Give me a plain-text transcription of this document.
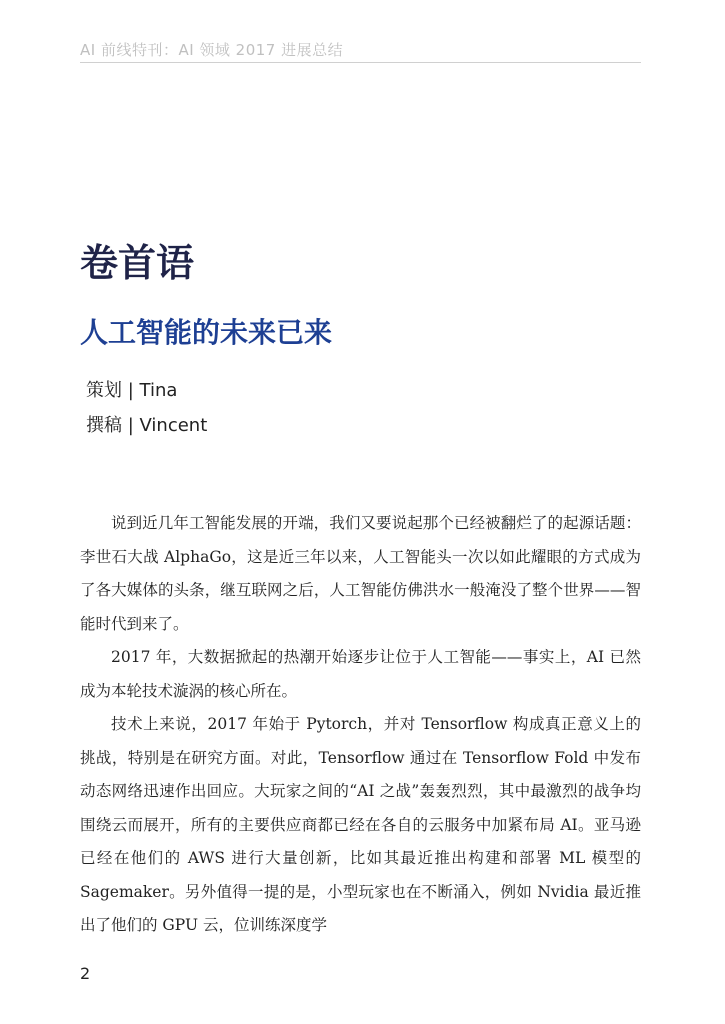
AI 前线特刊：AI 领域 2017 进展总结
卷首语
人工智能的未来已来
策划 | Tina
撰稿 | Vincent

说到近几年工智能发展的开端，我们又要说起那个已经被翻烂了的起源话题：李世石大战 AlphaGo，这是近三年以来，人工智能头一次以如此耀眼的方式成为了各大媒体的头条，继互联网之后，人工智能仿佛洪水一般淹没了整个世界——智能时代到来了。

2017 年，大数据掀起的热潮开始逐步让位于人工智能——事实上，AI 已然成为本轮技术漩涡的核心所在。

技术上来说，2017 年始于 Pytorch，并对 Tensorflow 构成真正意义上的挑战，特别是在研究方面。对此，Tensorflow 通过在 Tensorflow Fold 中发布动态网络迅速作出回应。大玩家之间的“AI 之战”轰轰烈烈，其中最激烈的战争均围绕云而展开，所有的主要供应商都已经在各自的云服务中加紧布局 AI。亚马逊已经在他们的 AWS 进行大量创新，比如其最近推出构建和部署 ML 模型的 Sagemaker。另外值得一提的是，小型玩家也在不断涌入，例如 Nvidia 最近推出了他们的 GPU 云，位训练深度学

2
